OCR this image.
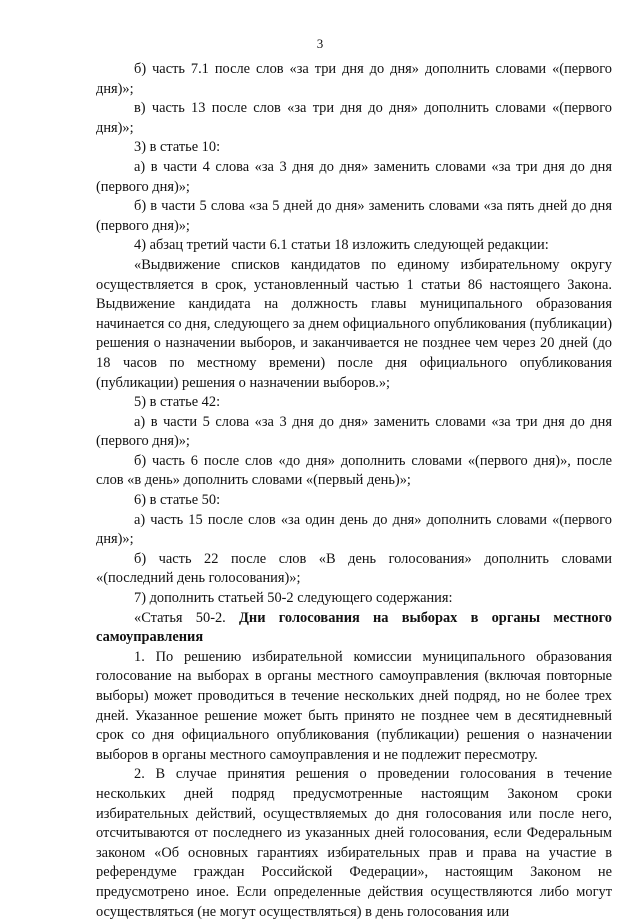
3

б) часть 7.1 после слов «за три дня до дня» дополнить словами «(первого дня)»;

в) часть 13 после слов «за три дня до дня» дополнить словами «(первого дня)»;

3) в статье 10:

а) в части 4 слова «за 3 дня до дня» заменить словами «за три дня до дня (первого дня)»;

б) в части 5 слова «за 5 дней до дня» заменить словами «за пять дней до дня (первого дня)»;

4) абзац третий части 6.1 статьи 18 изложить следующей редакции:

«Выдвижение списков кандидатов по единому избирательному округу осуществляется в срок, установленный частью 1 статьи 86 настоящего Закона. Выдвижение кандидата на должность главы муниципального образования начинается со дня, следующего за днем официального опубликования (публикации) решения о назначении выборов, и заканчивается не позднее чем через 20 дней (до 18 часов по местному времени) после дня официального опубликования (публикации) решения о назначении выборов.»;

5) в статье 42:

а) в части 5 слова «за 3 дня до дня» заменить словами «за три дня до дня (первого дня)»;

б) часть 6 после слов «до дня» дополнить словами «(первого дня)», после слов «в день» дополнить словами «(первый день)»;

6) в статье 50:

а) часть 15 после слов «за один день до дня» дополнить словами «(первого дня)»;

б) часть 22 после слов «В день голосования» дополнить словами «(последний день голосования)»;

7) дополнить статьей 50-2 следующего содержания:

«Статья 50-2. Дни голосования на выборах в органы местного самоуправления

1. По решению избирательной комиссии муниципального образования голосование на выборах в органы местного самоуправления (включая повторные выборы) может проводиться в течение нескольких дней подряд, но не более трех дней. Указанное решение может быть принято не позднее чем в десятидневный срок со дня официального опубликования (публикации) решения о назначении выборов в органы местного самоуправления и не подлежит пересмотру.

2. В случае принятия решения о проведении голосования в течение нескольких дней подряд предусмотренные настоящим Законом сроки избирательных действий, осуществляемых до дня голосования или после него, отсчитываются от последнего из указанных дней голосования, если Федеральным законом «Об основных гарантиях избирательных прав и права на участие в референдуме граждан Российской Федерации», настоящим Законом не предусмотрено иное. Если определенные действия осуществляются либо могут осуществляться (не могут осуществляться) в день голосования или
